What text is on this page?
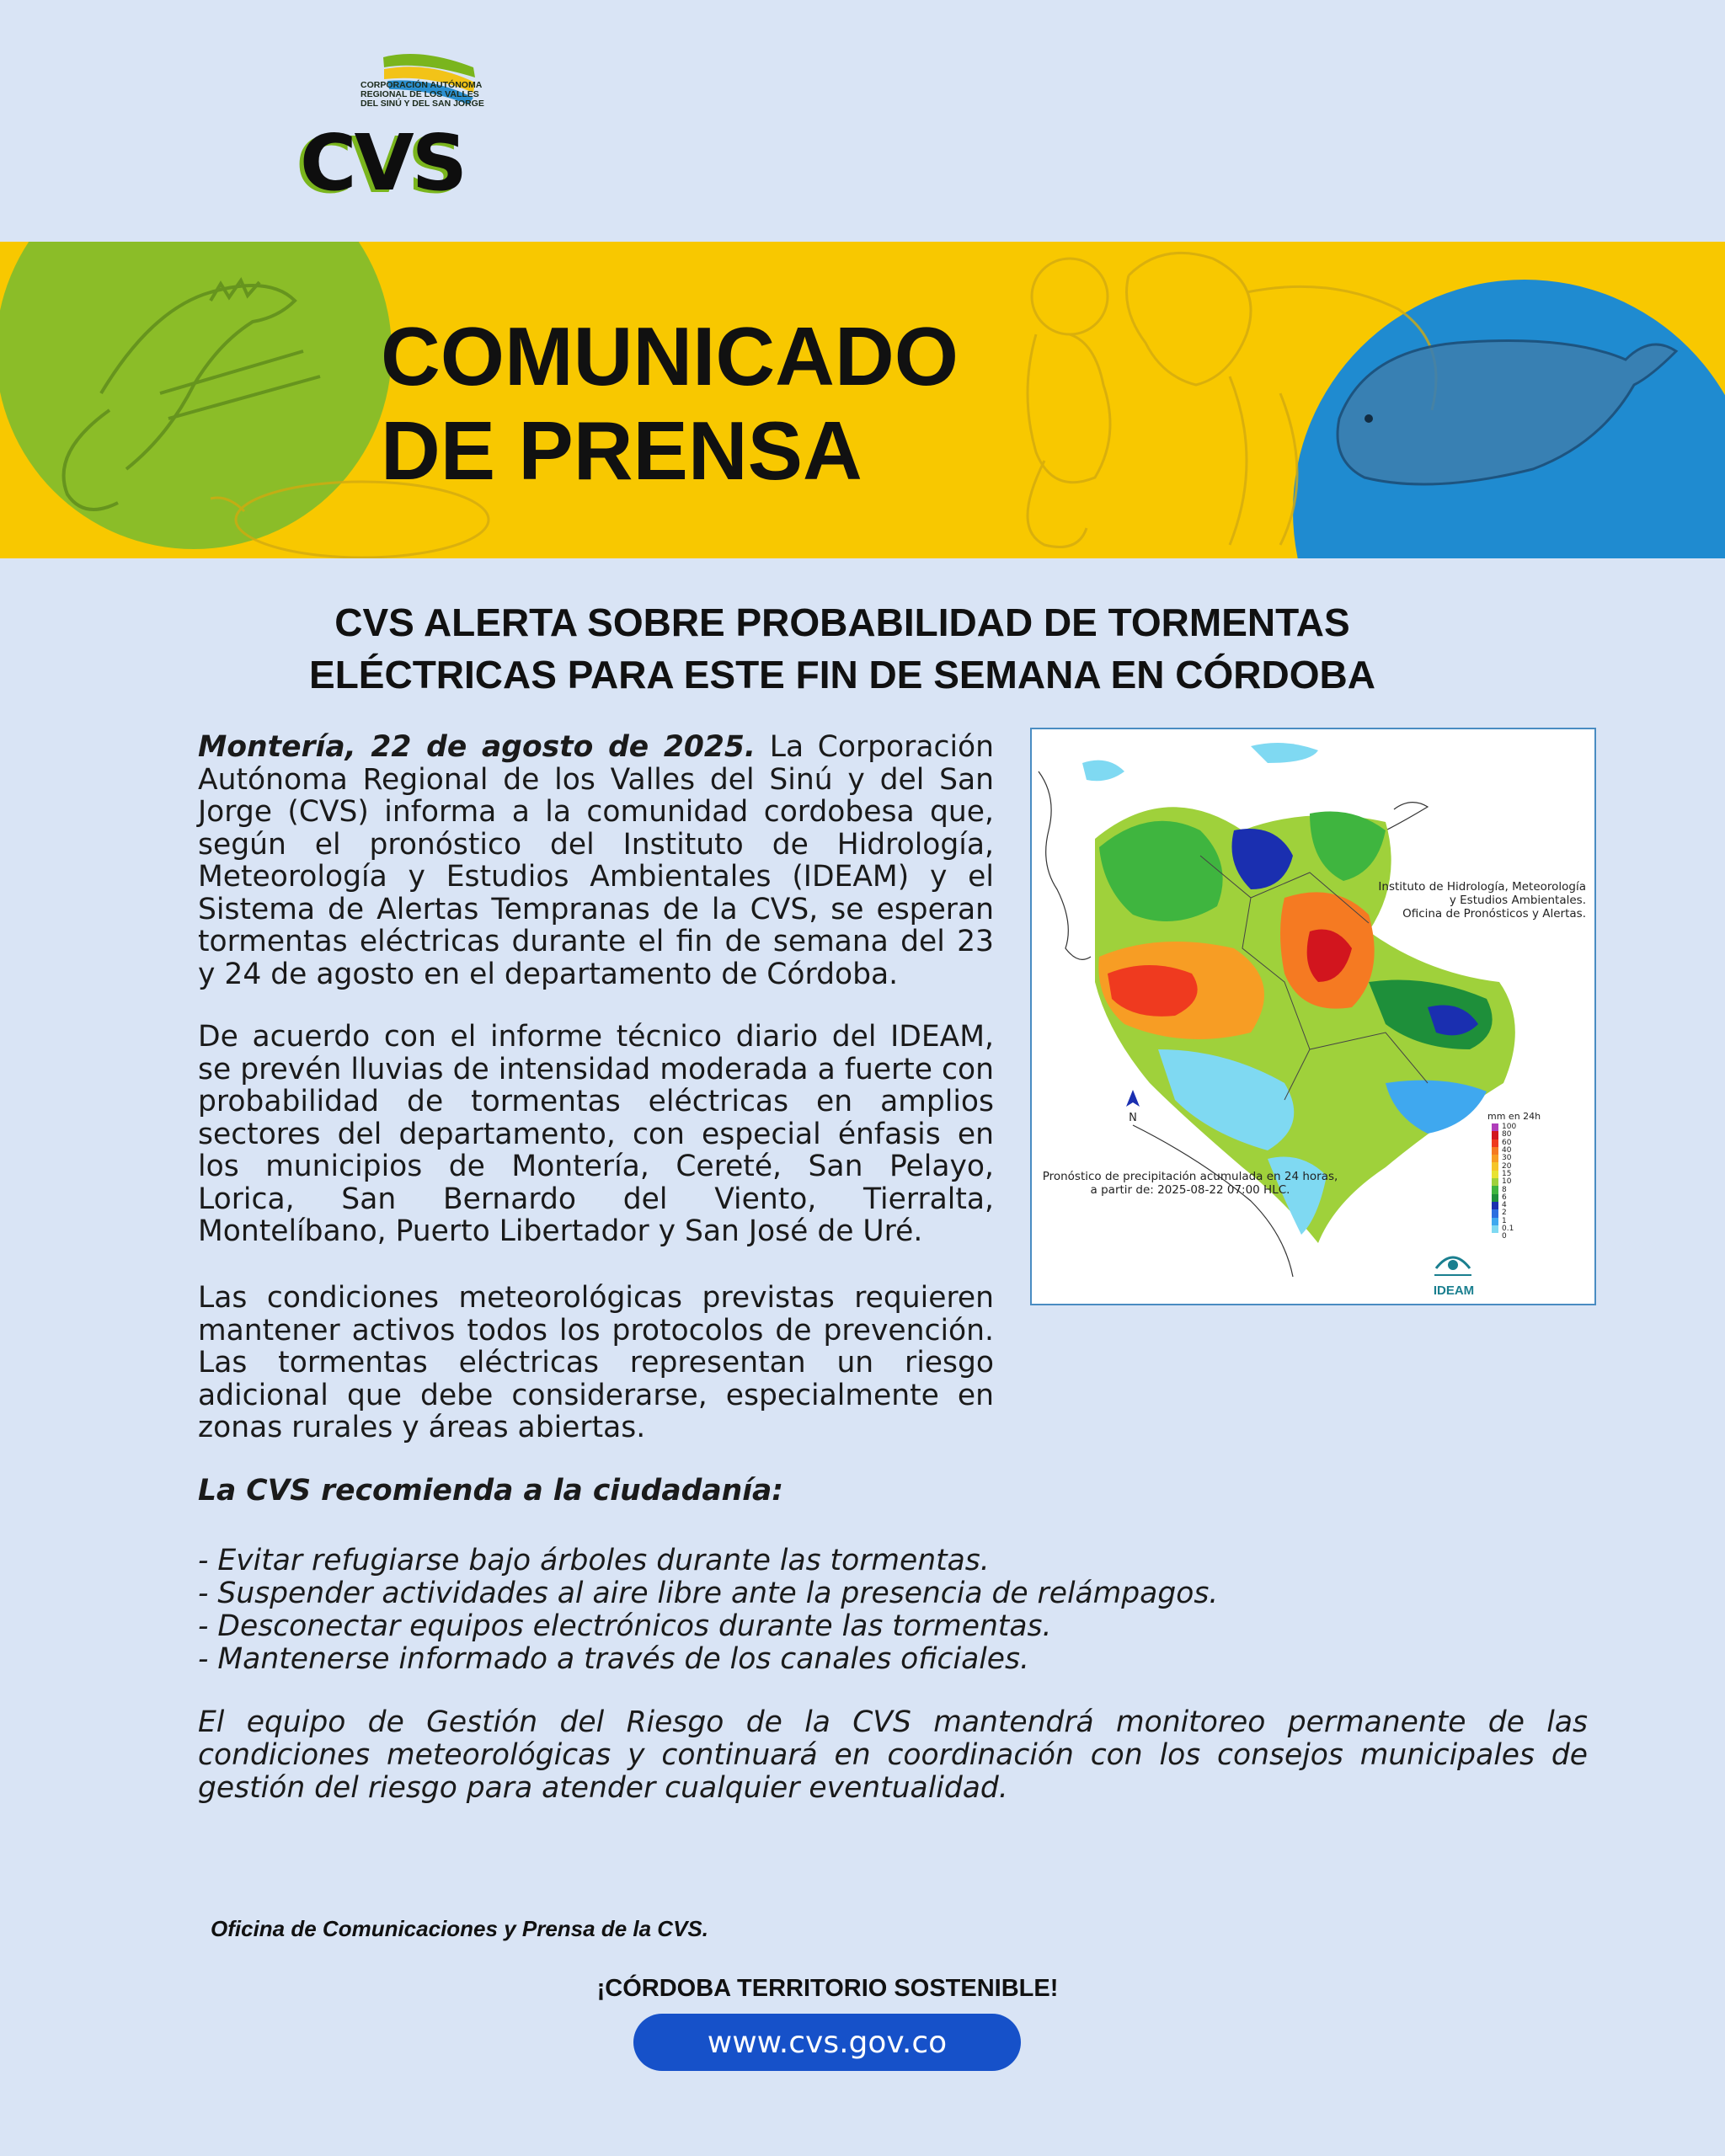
CORPORACIÓN AUTÓNOMA REGIONAL DE LOS VALLES DEL SINÚ Y DEL SAN JORGE
CVS
COMUNICADO
DE PRENSA
CVS ALERTA SOBRE PROBABILIDAD DE TORMENTAS
ELÉCTRICAS PARA ESTE FIN DE SEMANA EN CÓRDOBA

Montería, 22 de agosto de 2025. La Corporación Autónoma Regional de los Valles del Sinú y del San Jorge (CVS) informa a la comunidad cordobesa que, según el pronóstico del Instituto de Hidrología, Meteorología y Estudios Ambientales (IDEAM) y el Sistema de Alertas Tempranas de la CVS, se esperan tormentas eléctricas durante el fin de semana del 23 y 24 de agosto en el departamento de Córdoba.

De acuerdo con el informe técnico diario del IDEAM, se prevén lluvias de intensidad moderada a fuerte con probabilidad de tormentas eléctricas en amplios sectores del departamento, con especial énfasis en los municipios de Montería, Cereté, San Pelayo, Lorica, San Bernardo del Viento, Tierralta, Montelíbano, Puerto Libertador y San José de Uré.

Las condiciones meteorológicas previstas requieren mantener activos todos los protocolos de prevención. Las tormentas eléctricas representan un riesgo adicional que debe considerarse, especialmente en zonas rurales y áreas abiertas.

N

Instituto de Hidrología, Meteorología
y Estudios Ambientales.
Oficina de Pronósticos y Alertas.

Pronóstico de precipitación acumulada en 24 horas,
a partir de: 2025-08-22 07:00 HLC.

mm en 24h
100
80
60
40
30
20
15
10
8
6
4
2
1
0.1
0
IDEAM

La CVS recomienda a la ciudadanía:

- Evitar refugiarse bajo árboles durante las tormentas.
- Suspender actividades al aire libre ante la presencia de relámpagos.
- Desconectar equipos electrónicos durante las tormentas.
- Mantenerse informado a través de los canales oficiales.

El equipo de Gestión del Riesgo de la CVS mantendrá monitoreo permanente de las condiciones meteorológicas y continuará en coordinación con los consejos municipales de gestión del riesgo para atender cualquier eventualidad.

Oficina de Comunicaciones y Prensa de la CVS.

¡CÓRDOBA TERRITORIO SOSTENIBLE!

www.cvs.gov.co
